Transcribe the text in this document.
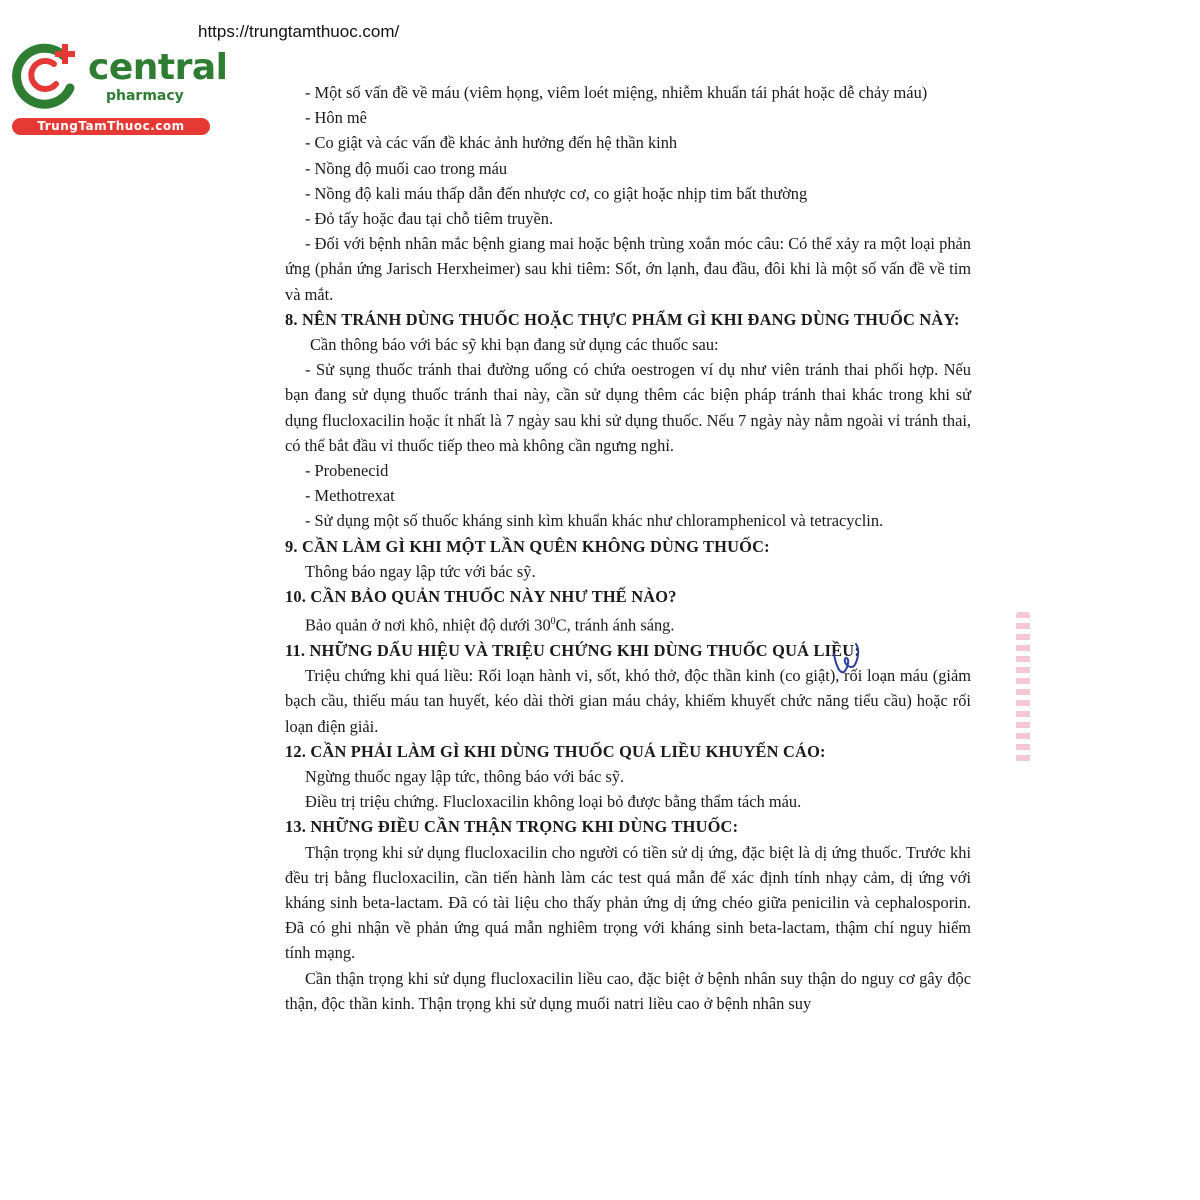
https://trungtamthuoc.com/
central
pharmacy
TrungTamThuoc.com

- Một số vấn đề về máu (viêm họng, viêm loét miệng, nhiễm khuẩn tái phát hoặc dễ chảy máu)

- Hôn mê

- Co giật và các vấn đề khác ảnh hưởng đến hệ thần kinh

- Nồng độ muối cao trong máu

- Nồng độ kali máu thấp dẫn đến nhược cơ, co giật hoặc nhịp tim bất thường

- Đỏ tấy hoặc đau tại chỗ tiêm truyền.

- Đối với bệnh nhân mắc bệnh giang mai hoặc bệnh trùng xoắn móc câu: Có thể xảy ra một loại phản ứng (phản ứng Jarisch Herxheimer) sau khi tiêm: Sốt, ớn lạnh, đau đầu, đôi khi là một số vấn đề về tim và mắt.

8. NÊN TRÁNH DÙNG THUỐC HOẶC THỰC PHẨM GÌ KHI ĐANG DÙNG THUỐC NÀY:

Cần thông báo với bác sỹ khi bạn đang sử dụng các thuốc sau:

- Sử sụng thuốc tránh thai đường uống có chứa oestrogen ví dụ như viên tránh thai phối hợp. Nếu bạn đang sử dụng thuốc tránh thai này, cần sử dụng thêm các biện pháp tránh thai khác trong khi sử dụng flucloxacilin hoặc ít nhất là 7 ngày sau khi sử dụng thuốc. Nếu 7 ngày này nằm ngoài vỉ tránh thai, có thể bắt đầu vỉ thuốc tiếp theo mà không cần ngưng nghỉ.

- Probenecid

- Methotrexat

- Sử dụng một số thuốc kháng sinh kìm khuẩn khác như chloramphenicol và tetracyclin.

9. CẦN LÀM GÌ KHI MỘT LẦN QUÊN KHÔNG DÙNG THUỐC:

Thông báo ngay lập tức với bác sỹ.

10. CẦN BẢO QUẢN THUỐC NÀY NHƯ THẾ NÀO?

Bảo quản ở nơi khô, nhiệt độ dưới $30^0C$, tránh ánh sáng.

11. NHỮNG DẤU HIỆU VÀ TRIỆU CHỨNG KHI DÙNG THUỐC QUÁ LIỀU:

Triệu chứng khi quá liều: Rối loạn hành vi, sốt, khó thở, độc thần kinh (co giật), rối loạn máu (giảm bạch cầu, thiếu máu tan huyết, kéo dài thời gian máu chảy, khiếm khuyết chức năng tiểu cầu) hoặc rối loạn điện giải.

12. CẦN PHẢI LÀM GÌ KHI DÙNG THUỐC QUÁ LIỀU KHUYẾN CÁO:

Ngừng thuốc ngay lập tức, thông báo với bác sỹ.

Điều trị triệu chứng. Flucloxacilin không loại bỏ được bằng thẩm tách máu.

13. NHỮNG ĐIỀU CẦN THẬN TRỌNG KHI DÙNG THUỐC:

Thận trọng khi sử dụng flucloxacilin cho người có tiền sử dị ứng, đặc biệt là dị ứng thuốc. Trước khi đều trị bằng flucloxacilin, cần tiến hành làm các test quá mẫn để xác định tính nhạy cảm, dị ứng với kháng sinh beta-lactam. Đã có tài liệu cho thấy phản ứng dị ứng chéo giữa penicilin và cephalosporin. Đã có ghi nhận về phản ứng quá mẫn nghiêm trọng với kháng sinh beta-lactam, thậm chí nguy hiểm tính mạng.

Cần thận trọng khi sử dụng flucloxacilin liều cao, đặc biệt ở bệnh nhân suy thận do nguy cơ gây độc thận, độc thần kinh. Thận trọng khi sử dụng muối natri liều cao ở bệnh nhân suy
